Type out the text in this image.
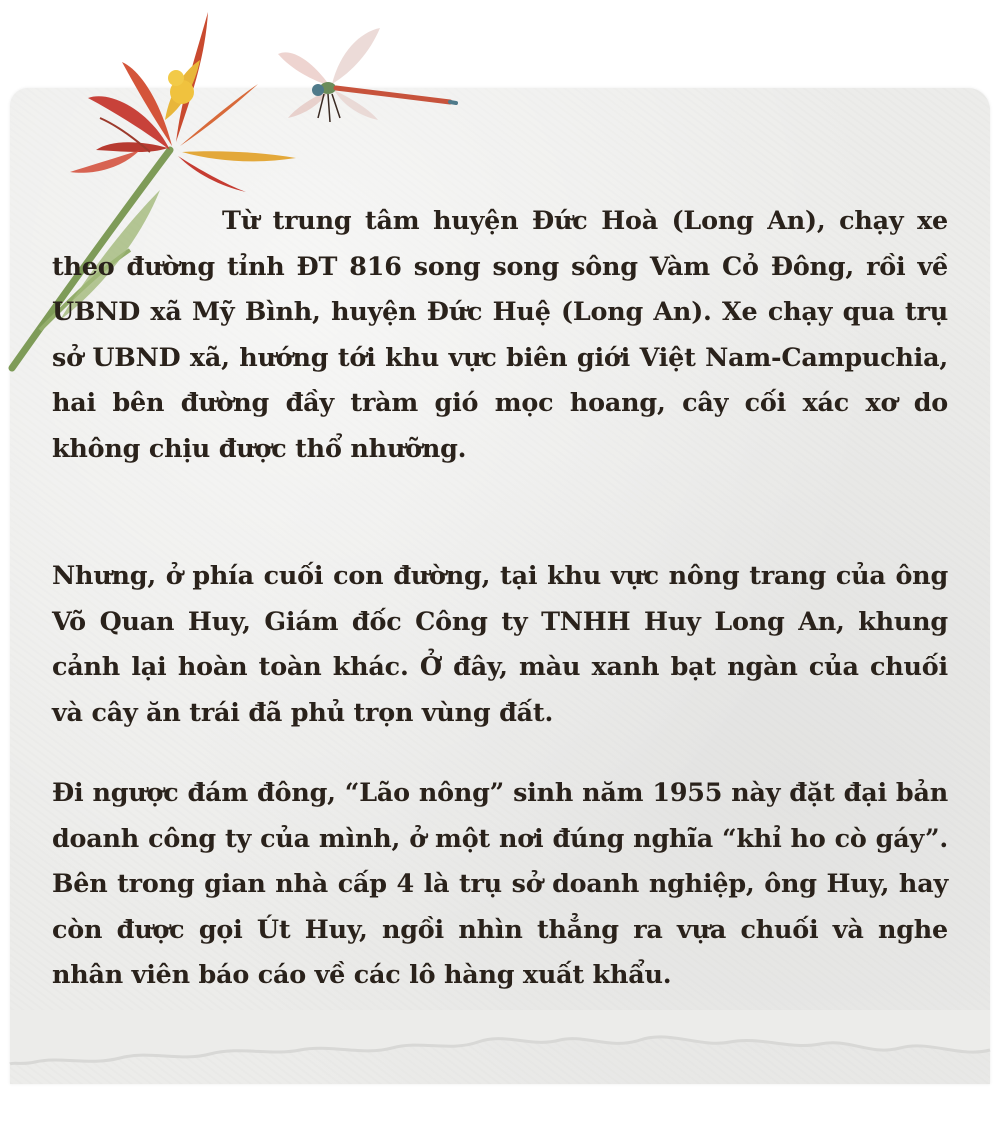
Từ trung tâm huyện Đức Hoà (Long An), chạy xe theo đường tỉnh ĐT 816 song song sông Vàm Cỏ Đông, rồi về UBND xã Mỹ Bình, huyện Đức Huệ (Long An). Xe chạy qua trụ sở UBND xã, hướng tới khu vực biên giới Việt Nam-Campuchia, hai bên đường đầy tràm gió mọc hoang, cây cối xác xơ do không chịu được thổ nhưỡng.

Nhưng, ở phía cuối con đường, tại khu vực nông trang của ông Võ Quan Huy, Giám đốc Công ty TNHH Huy Long An, khung cảnh lại hoàn toàn khác. Ở đây, màu xanh bạt ngàn của chuối và cây ăn trái đã phủ trọn vùng đất.

Đi ngược đám đông, “Lão nông” sinh năm 1955 này đặt đại bản doanh công ty của mình, ở một nơi đúng nghĩa “khỉ ho cò gáy”. Bên trong gian nhà cấp 4 là trụ sở doanh nghiệp, ông Huy, hay còn được gọi Út Huy, ngồi nhìn thẳng ra vựa chuối và nghe nhân viên báo cáo về các lô hàng xuất khẩu.
